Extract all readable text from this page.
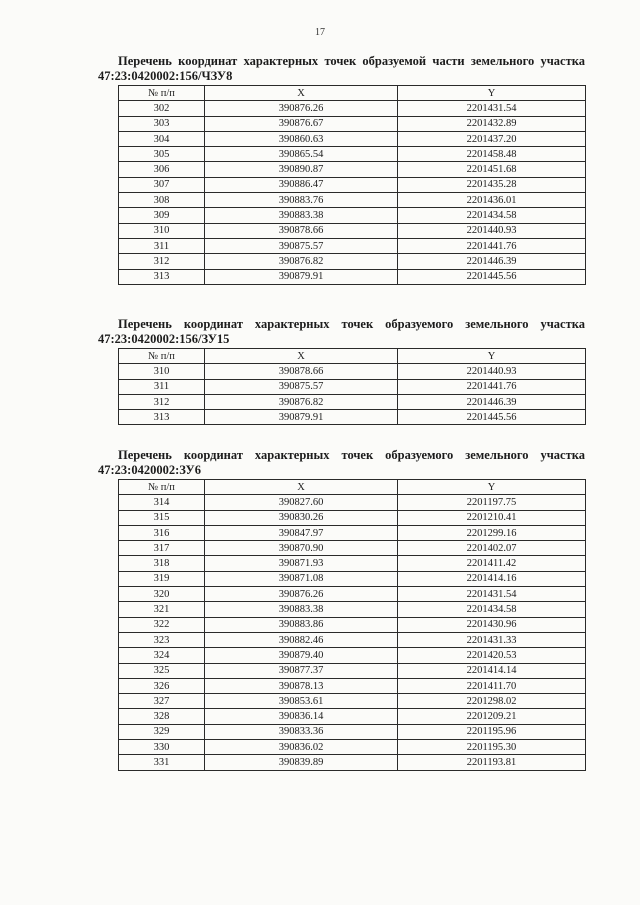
17
Перечень координат характерных точек образуемой части земельного участка 47:23:0420002:156/ЧЗУ8
№ п/п	X	Y
302	390876.26	2201431.54
303	390876.67	2201432.89
304	390860.63	2201437.20
305	390865.54	2201458.48
306	390890.87	2201451.68
307	390886.47	2201435.28
308	390883.76	2201436.01
309	390883.38	2201434.58
310	390878.66	2201440.93
311	390875.57	2201441.76
312	390876.82	2201446.39
313	390879.91	2201445.56
Перечень координат характерных точек образуемого земельного участка 47:23:0420002:156/ЗУ15
№ п/п	X	Y
310	390878.66	2201440.93
311	390875.57	2201441.76
312	390876.82	2201446.39
313	390879.91	2201445.56
Перечень координат характерных точек образуемого земельного участка 47:23:0420002:ЗУ6
№ п/п	X	Y
314	390827.60	2201197.75
315	390830.26	2201210.41
316	390847.97	2201299.16
317	390870.90	2201402.07
318	390871.93	2201411.42
319	390871.08	2201414.16
320	390876.26	2201431.54
321	390883.38	2201434.58
322	390883.86	2201430.96
323	390882.46	2201431.33
324	390879.40	2201420.53
325	390877.37	2201414.14
326	390878.13	2201411.70
327	390853.61	2201298.02
328	390836.14	2201209.21
329	390833.36	2201195.96
330	390836.02	2201195.30
331	390839.89	2201193.81
